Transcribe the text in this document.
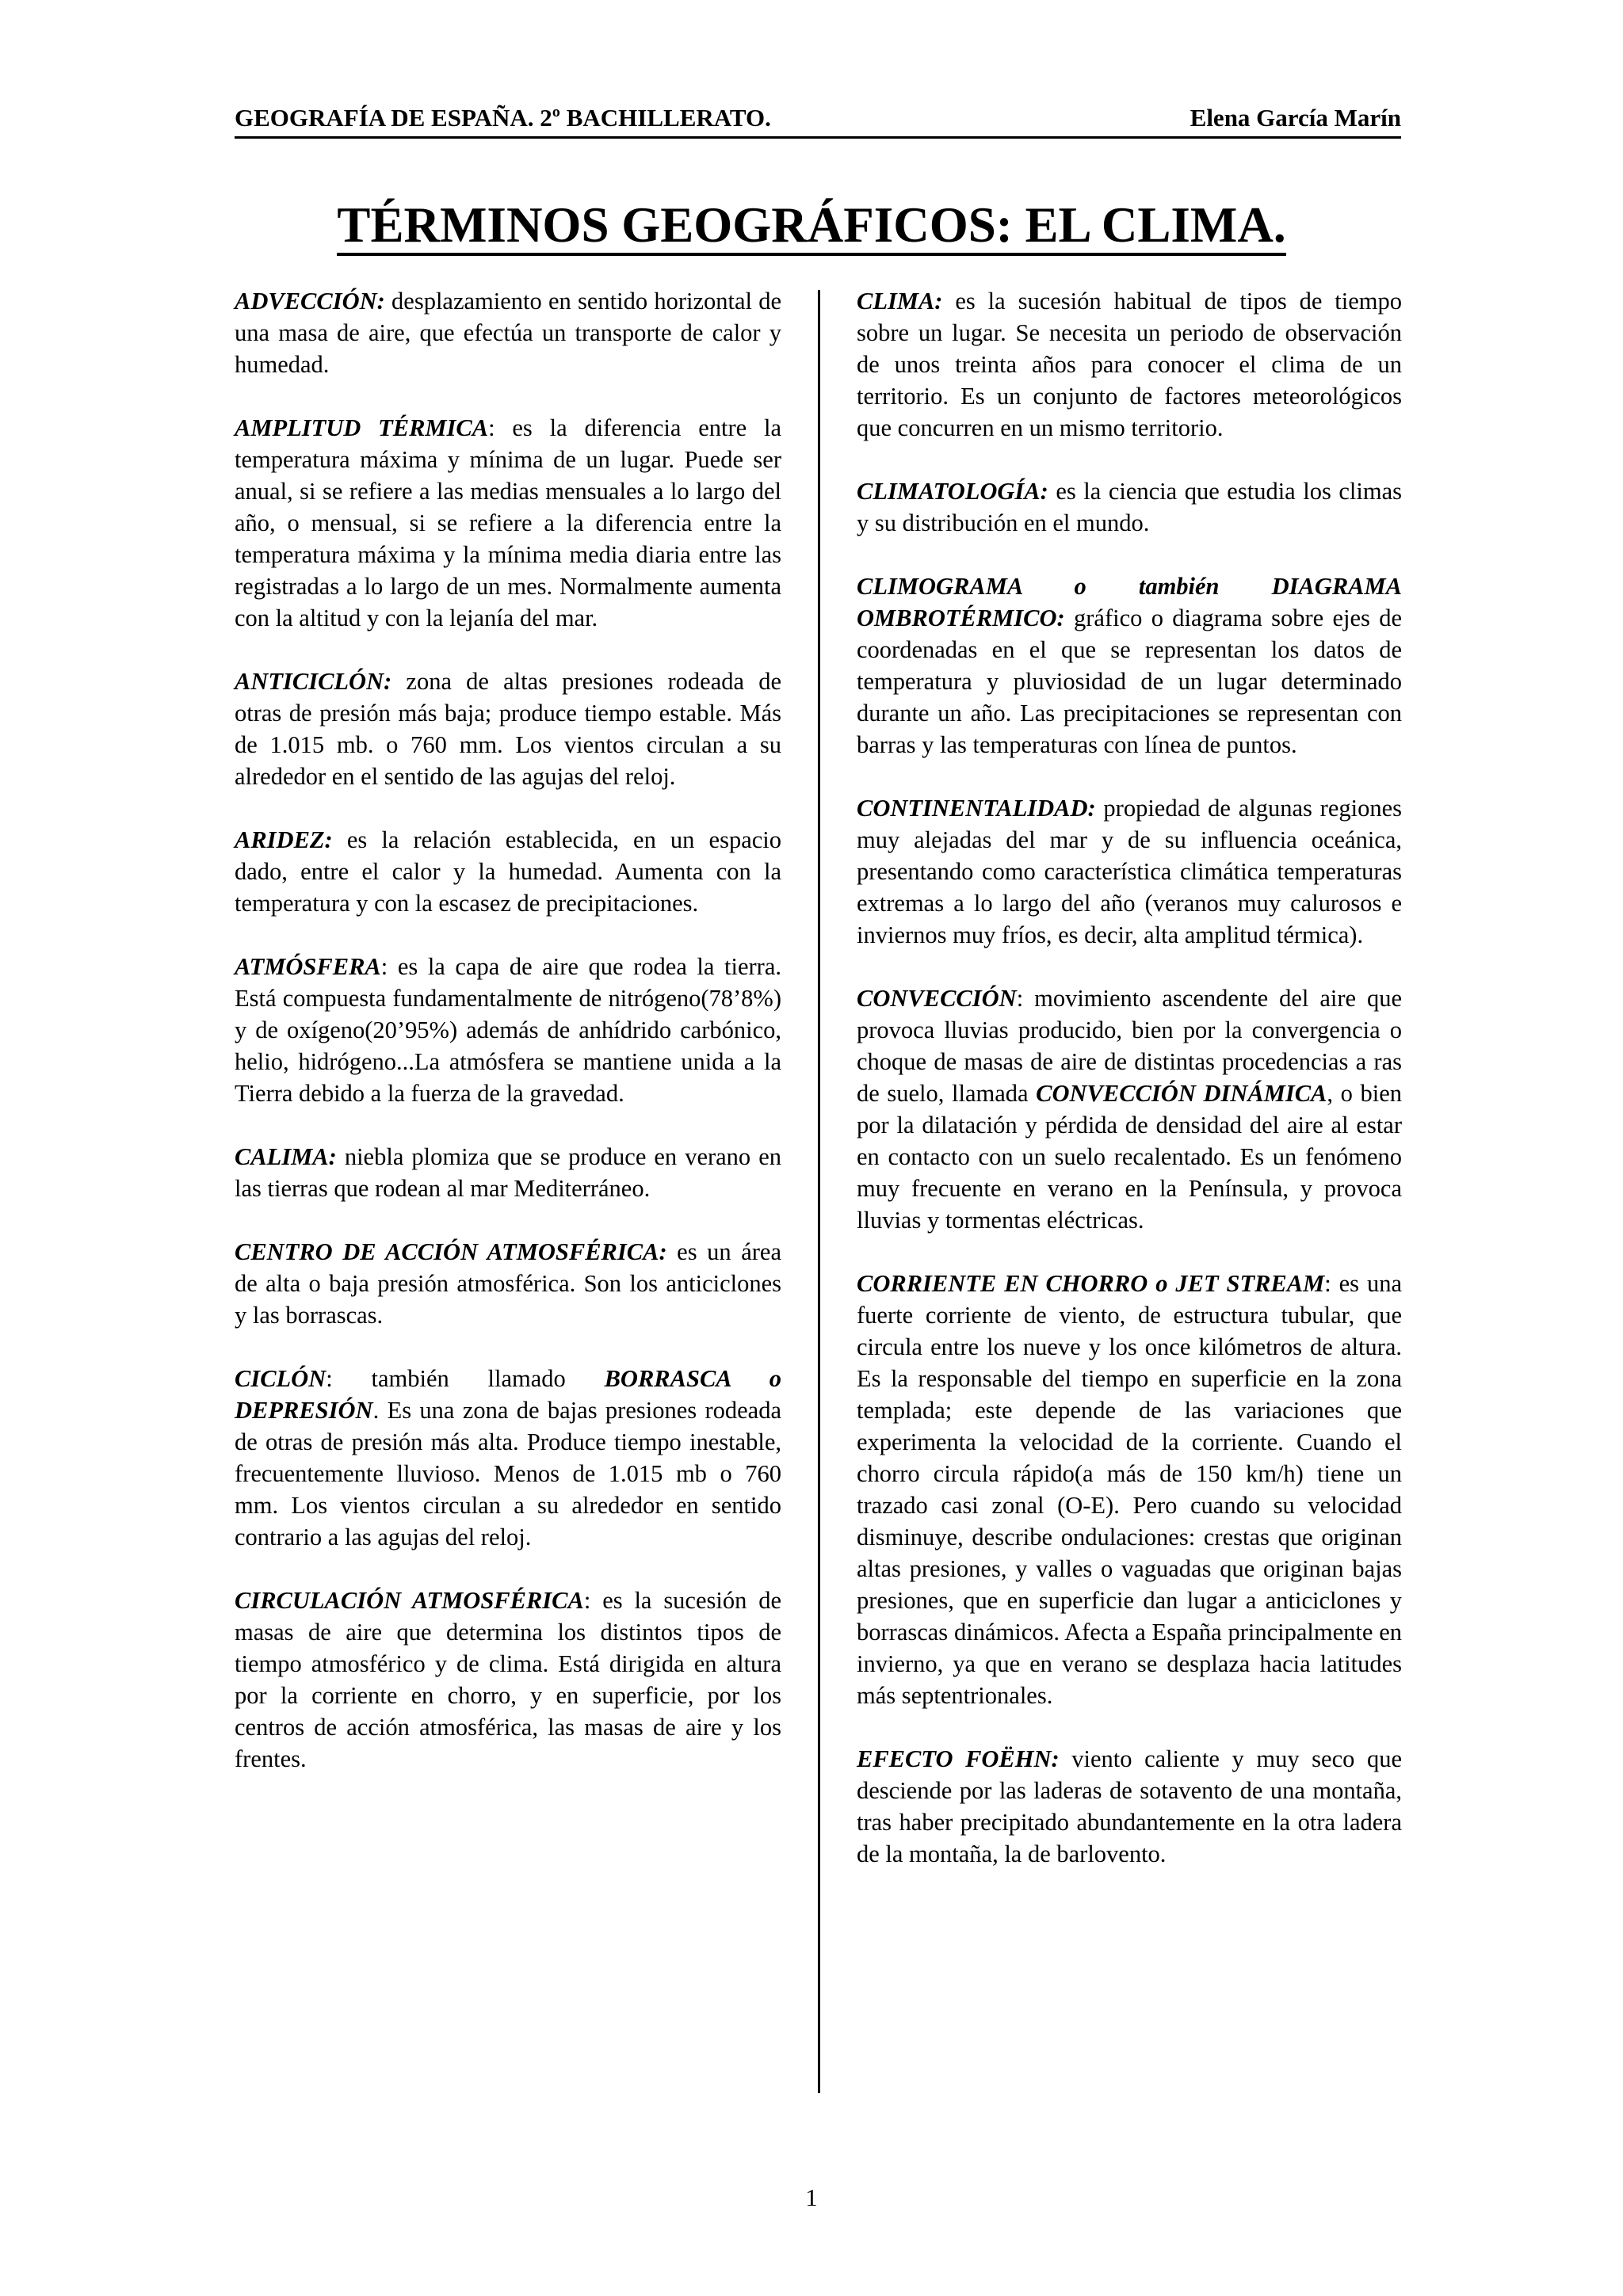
GEOGRAFÍA DE ESPAÑA. 2º BACHILLERATO.	Elena García Marín
TÉRMINOS GEOGRÁFICOS: EL CLIMA.

ADVECCIÓN: desplazamiento en sentido horizontal de una masa de aire, que efectúa un transporte de calor y humedad.

AMPLITUD TÉRMICA: es la diferencia entre la temperatura máxima y mínima de un lugar. Puede ser anual, si se refiere a las medias mensuales a lo largo del año, o mensual, si se refiere a la diferencia entre la temperatura máxima y la mínima media diaria entre las registradas a lo largo de un mes. Normalmente aumenta con la altitud y con la lejanía del mar.

ANTICICLÓN: zona de altas presiones rodeada de otras de presión más baja; produce tiempo estable. Más de 1.015 mb. o 760 mm. Los vientos circulan a su alrededor en el sentido de las agujas del reloj.

ARIDEZ: es la relación establecida, en un espacio dado, entre el calor y la humedad. Aumenta con la temperatura y con la escasez de precipitaciones.

ATMÓSFERA: es la capa de aire que rodea la tierra. Está compuesta fundamentalmente de nitrógeno(78’8%) y de oxígeno(20’95%) además de anhídrido carbónico, helio, hidrógeno...La atmósfera se mantiene unida a la Tierra debido a la fuerza de la gravedad.

CALIMA: niebla plomiza que se produce en verano en las tierras que rodean al mar Mediterráneo.

CENTRO DE ACCIÓN ATMOSFÉRICA: es un área de alta o baja presión atmosférica. Son los anticiclones y las borrascas.

CICLÓN: también llamado BORRASCA o DEPRESIÓN. Es una zona de bajas presiones rodeada de otras de presión más alta. Produce tiempo inestable, frecuentemente lluvioso. Menos de 1.015 mb o 760 mm. Los vientos circulan a su alrededor en sentido contrario a las agujas del reloj.

CIRCULACIÓN ATMOSFÉRICA: es la sucesión de masas de aire que determina los distintos tipos de tiempo atmosférico y de clima. Está dirigida en altura por la corriente en chorro, y en superficie, por los centros de acción atmosférica, las masas de aire y los frentes.

CLIMA: es la sucesión habitual de tipos de tiempo sobre un lugar. Se necesita un periodo de observación de unos treinta años para conocer el clima de un territorio. Es un conjunto de factores meteorológicos que concurren en un mismo territorio.

CLIMATOLOGÍA: es la ciencia que estudia los climas y su distribución en el mundo.

CLIMOGRAMA o también DIAGRAMA OMBROTÉRMICO: gráfico o diagrama sobre ejes de coordenadas en el que se representan los datos de temperatura y pluviosidad de un lugar determinado durante un año. Las precipitaciones se representan con barras y las temperaturas con línea de puntos.

CONTINENTALIDAD: propiedad de algunas regiones muy alejadas del mar y de su influencia oceánica, presentando como característica climática temperaturas extremas a lo largo del año (veranos muy calurosos e inviernos muy fríos, es decir, alta amplitud térmica).

CONVECCIÓN: movimiento ascendente del aire que provoca lluvias producido, bien por la convergencia o choque de masas de aire de distintas procedencias a ras de suelo, llamada CONVECCIÓN DINÁMICA, o bien por la dilatación y pérdida de densidad del aire al estar en contacto con un suelo recalentado. Es un fenómeno muy frecuente en verano en la Península, y provoca lluvias y tormentas eléctricas.

CORRIENTE EN CHORRO o JET STREAM: es una fuerte corriente de viento, de estructura tubular, que circula entre los nueve y los once kilómetros de altura. Es la responsable del tiempo en superficie en la zona templada; este depende de las variaciones que experimenta la velocidad de la corriente. Cuando el chorro circula rápido(a más de 150 km/h) tiene un trazado casi zonal (O-E). Pero cuando su velocidad disminuye, describe ondulaciones: crestas que originan altas presiones, y valles o vaguadas que originan bajas presiones, que en superficie dan lugar a anticiclones y borrascas dinámicos. Afecta a España principalmente en invierno, ya que en verano se desplaza hacia latitudes más septentrionales.

EFECTO FOËHN: viento caliente y muy seco que desciende por las laderas de sotavento de una montaña, tras haber precipitado abundantemente en la otra ladera de la montaña, la de barlovento.

1
